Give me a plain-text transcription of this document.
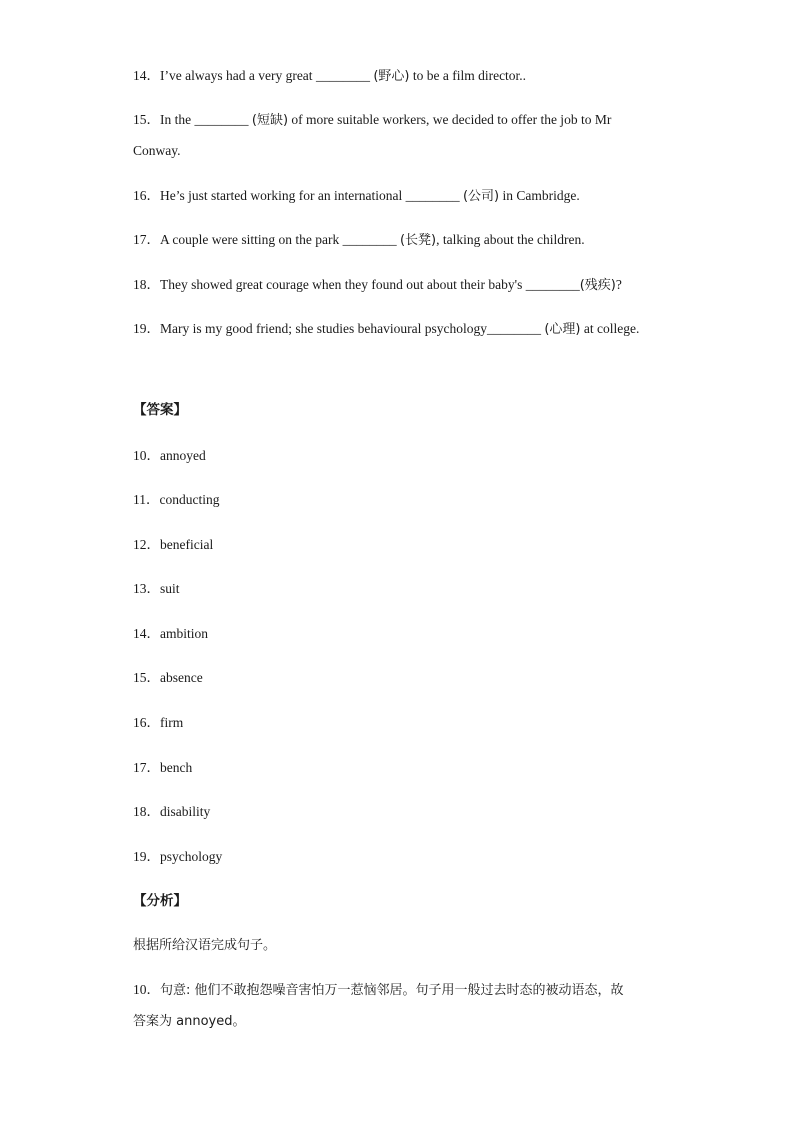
14．I’ve always had a very great ________ (野心) to be a film director..
15．In the ________ (短缺) of more suitable workers, we decided to offer the job to Mr
Conway.
16．He’s just started working for an international ________ (公司) in Cambridge.
17．A couple were sitting on the park ________ (长凳), talking about the children.
18．They showed great courage when they found out about their baby's ________(残疾)?
19．Mary is my good friend; she studies behavioural psychology________ (心理) at college.
【答案】
10．annoyed
11．conducting
12．beneficial
13．suit
14．ambition
15．absence
16．firm
17．bench
18．disability
19．psychology
【分析】
根据所给汉语完成句子。
10．句意: 他们不敢抱怨噪音害怕万一惹恼邻居。句子用一般过去时态的被动语态，故
答案为 annoyed。
